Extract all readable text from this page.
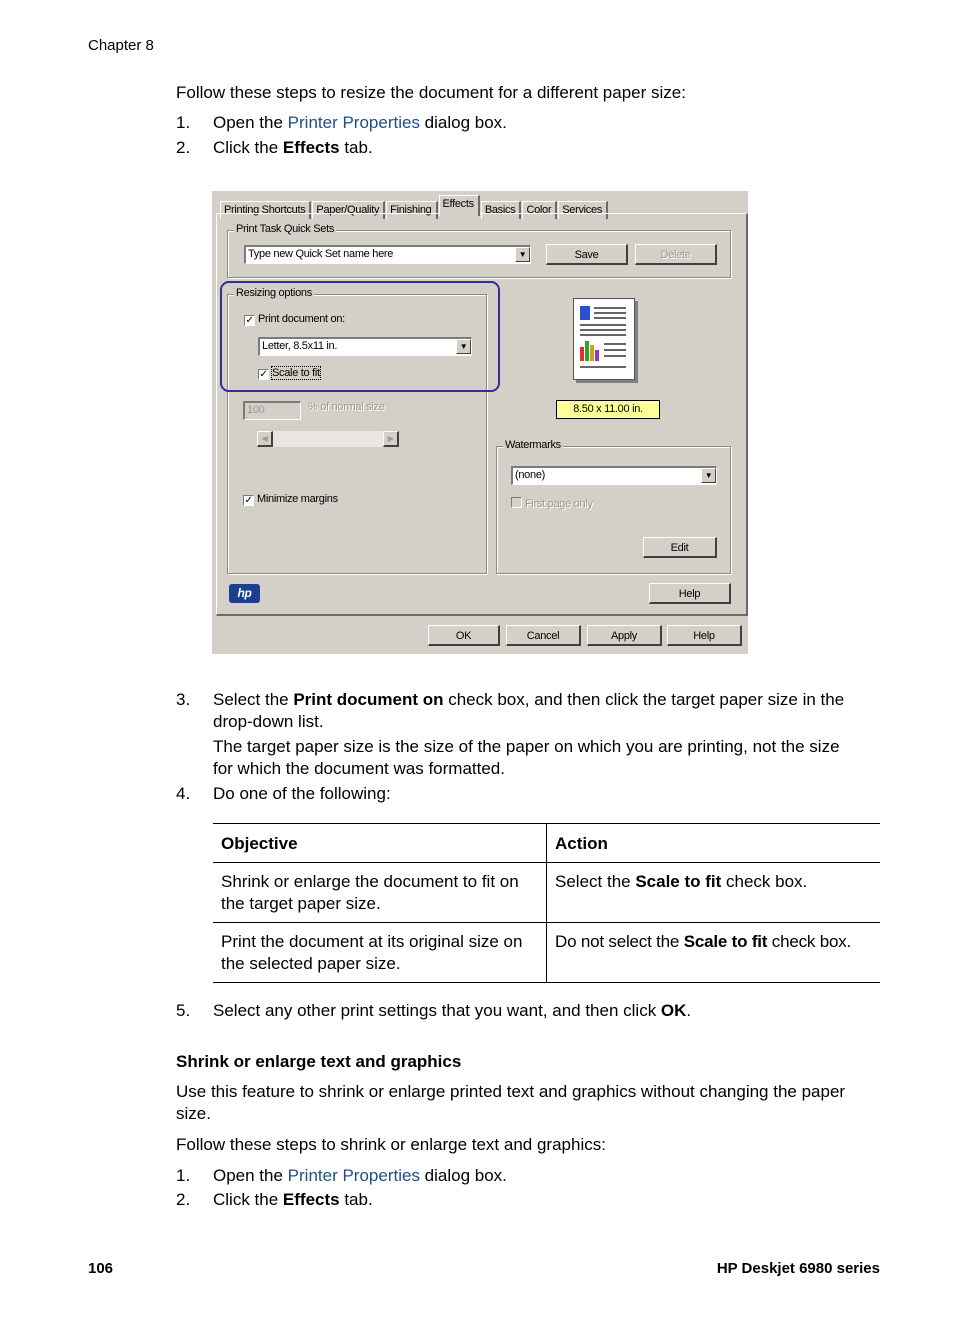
Chapter 8
Follow these steps to resize the document for a different paper size:
1.	Open the Printer Properties dialog box.
2.	Click the Effects tab.
Printing Shortcuts Paper/Quality Finishing Effects Basics Color Services
Print Task Quick Sets
Type new Quick Set name here	▼	Save	Delete
Resizing options
✓ Print document on:
Letter, 8.5x11 in.	▼
✓ Scale to fit
100	% of normal size
◀	▶
✓ Minimize margins
8.50 x 11.00 in.
Watermarks
(none)	▼
First page only
Edit
hp	Help
OK	Cancel	Apply	Help
3.	Select the Print document on check box, and then click the target paper size in the
drop-down list.
The target paper size is the size of the paper on which you are printing, not the size
for which the document was formatted.
4.	Do one of the following:
Objective	Action
Shrink or enlarge the document to fit on
the target paper size.	Select the Scale to fit check box.
Print the document at its original size on
the selected paper size.	Do not select the Scale to fit check box.
5.	Select any other print settings that you want, and then click OK.
Shrink or enlarge text and graphics
Use this feature to shrink or enlarge printed text and graphics without changing the paper
size.
Follow these steps to shrink or enlarge text and graphics:
1.	Open the Printer Properties dialog box.
2.	Click the Effects tab.
106	HP Deskjet 6980 series
